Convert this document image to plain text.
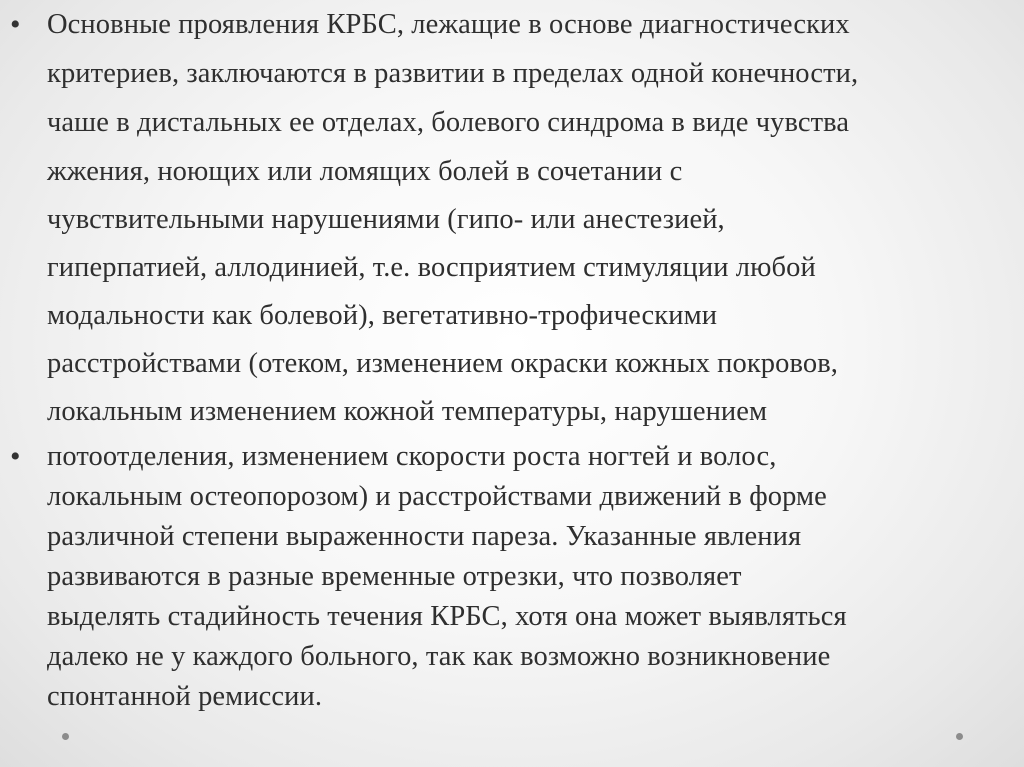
• Основные проявления КРБС, лежащие в основе диагностических
критериев, заключаются в развитии в пределах одной конечности,
чаше в дистальных ее отделах, болевого синдрома в виде чувства
жжения, ноющих или ломящих болей в сочетании с
чувствительными нарушениями (гипо- или анестезией,
гиперпатией, аллодинией, т.е. восприятием стимуляции любой
модальности как болевой), вегетативно-трофическими
расстройствами (отеком, изменением окраски кожных покровов,
локальным изменением кожной температуры, нарушением
• потоотделения, изменением скорости роста ногтей и волос,
локальным остеопорозом) и расстройствами движений в форме
различной степени выраженности пареза. Указанные явления
развиваются в разные временные отрезки, что позволяет
выделять стадийность течения КРБС, хотя она может выявляться
далеко не у каждого больного, так как возможно возникновение
спонтанной ремиссии.
